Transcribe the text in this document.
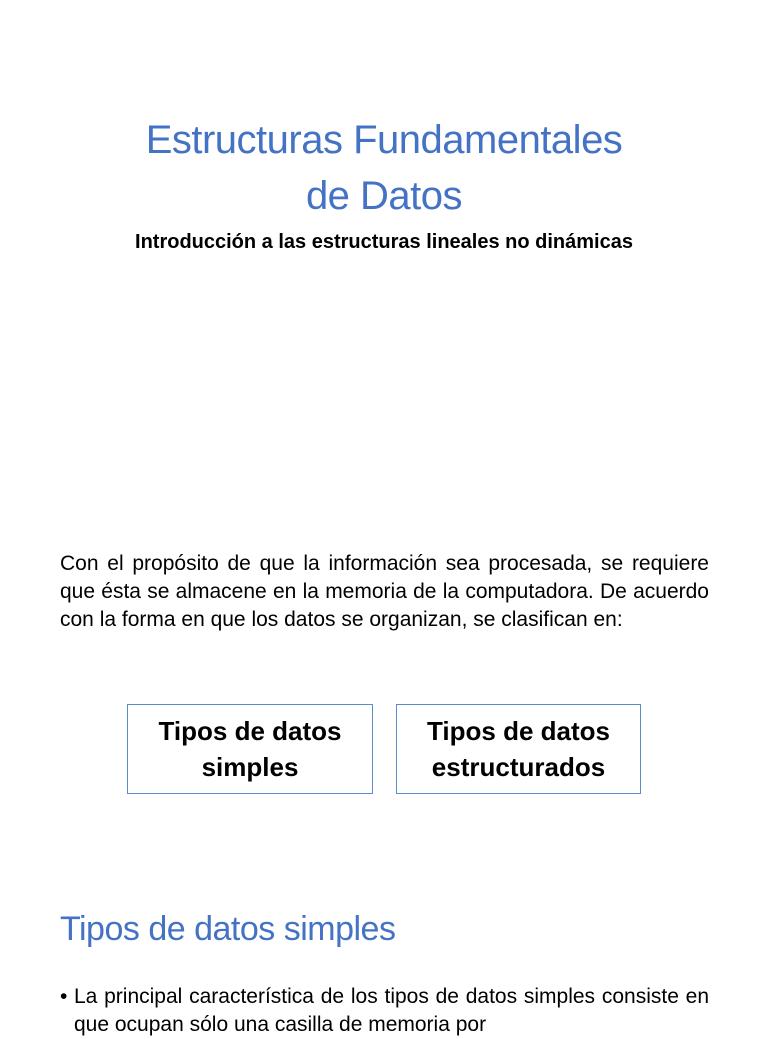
Estructuras Fundamentales
de Datos
Introducción a las estructuras lineales no dinámicas
Con el propósito de que la información sea procesada, se requiere que ésta se almacene en la memoria de la computadora. De acuerdo con la forma en que los datos se organizan, se clasifican en:
Tipos de datos
simples
Tipos de datos
estructurados
Tipos de datos simples
• La principal característica de los tipos de datos simples consiste en que ocupan sólo una casilla de memoria por
